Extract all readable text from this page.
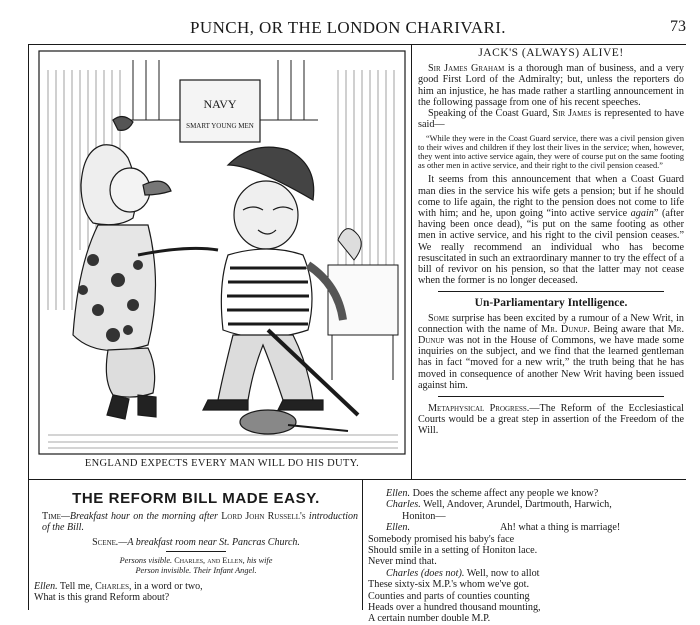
PUNCH, OR THE LONDON CHARIVARI.	73
NAVY
SMART YOUNG MEN
ENGLAND EXPECTS EVERY MAN WILL DO HIS DUTY.
JACK'S (ALWAYS) ALIVE!

Sir James Graham is a thorough man of business, and a very good First Lord of the Admiralty; but, unless the reporters do him an injustice, he has made rather a startling announcement in the following passage from one of his recent speeches.

Speaking of the Coast Guard, Sir James is represented to have said—

“While they were in the Coast Guard service, there was a civil pension given to their wives and children if they lost their lives in the service; when, however, they went into active service again, they were of course put on the same footing as other men in active service, and their right to the civil pension ceased.”

It seems from this announcement that when a Coast Guard man dies in the service his wife gets a pension; but if he should come to life again, the right to the pension does not come to life with him; and he, upon going “into active service again” (after having been once dead), “is put on the same footing as other men in active service, and his right to the civil pension ceases.” We really recommend an individual who has become resuscitated in such an extraordinary manner to try the effect of a bill of revivor on his pension, so that the latter may not cease when the former is no longer deceased.

Un-Parliamentary Intelligence.

Some surprise has been excited by a rumour of a New Writ, in connection with the name of Mr. Dunup. Being aware that Mr. Dunup was not in the House of Commons, we have made some inquiries on the subject, and we find that the learned gentleman has in fact “moved for a new writ,” the truth being that he has moved in consequence of another New Writ having been issued against him.

Metaphysical Progress.—The Reform of the Ecclesiastical Courts would be a great step in assertion of the Freedom of the Will.

THE REFORM BILL MADE EASY.

Time—Breakfast hour on the morning after Lord John Russell's introduction of the Bill.

Scene.—A breakfast room near St. Pancras Church.

Persons visible. Charles, and Ellen, his wife
Person invisible. Their Infant Angel.

Ellen. Tell me, Charles, in a word or two,

What is this grand Reform about?

Ellen. Does the scheme affect any people we know?

Charles. Well, Andover, Arundel, Dartmouth, Harwich,

Honiton—

Ellen.	Ah! what a thing is marriage!

Somebody promised his baby's face

Should smile in a setting of Honiton lace.

Never mind that.

Charles (does not). Well, now to allot

These sixty-six M.P.'s whom we've got.

Counties and parts of counties counting

Heads over a hundred thousand mounting,

A certain number double M.P.
